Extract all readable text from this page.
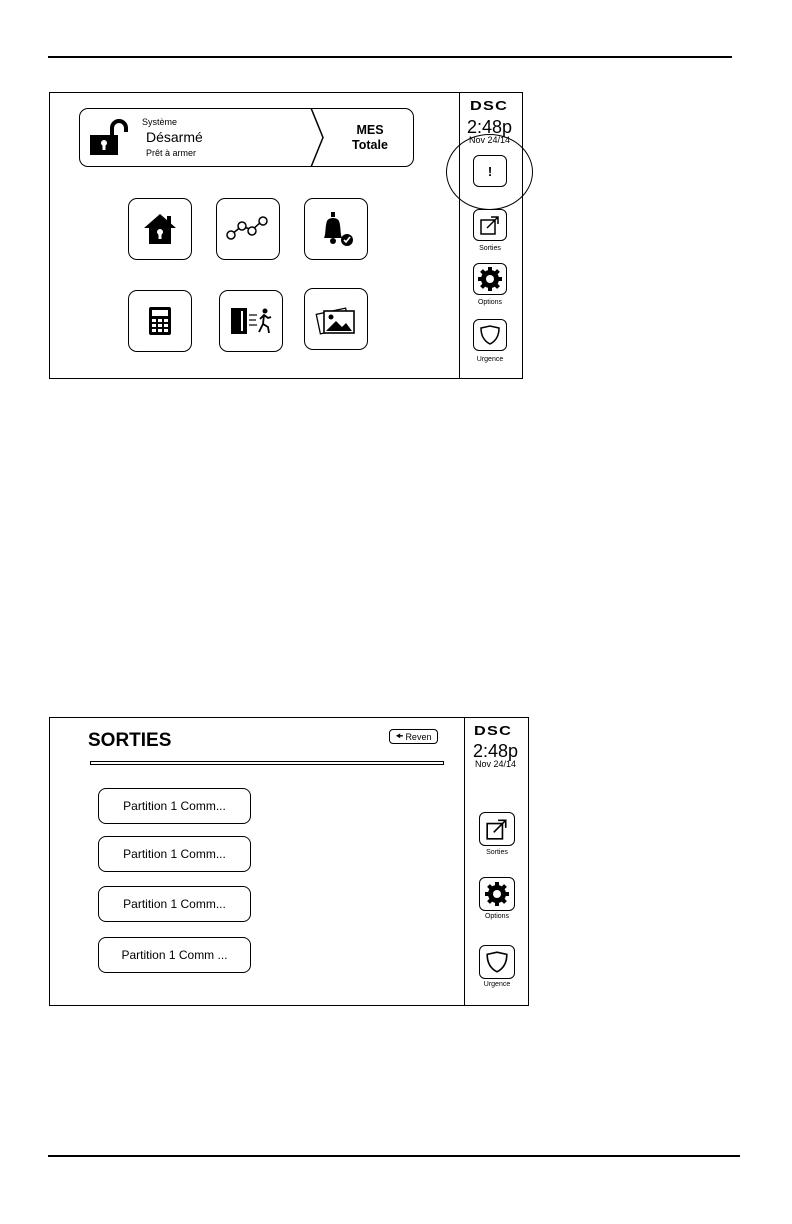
Système
Désarmé
Prêt à armer
MES
Totale
DSC
2:48p
Nov 24/14
!
Sorties
Options
Urgence
SORTIES	🠜 Reven
Partition 1 Comm...
Partition 1 Comm...
Partition 1 Comm...
Partition 1 Comm ...
DSC
2:48p
Nov 24/14
Sorties
Options
Urgence
